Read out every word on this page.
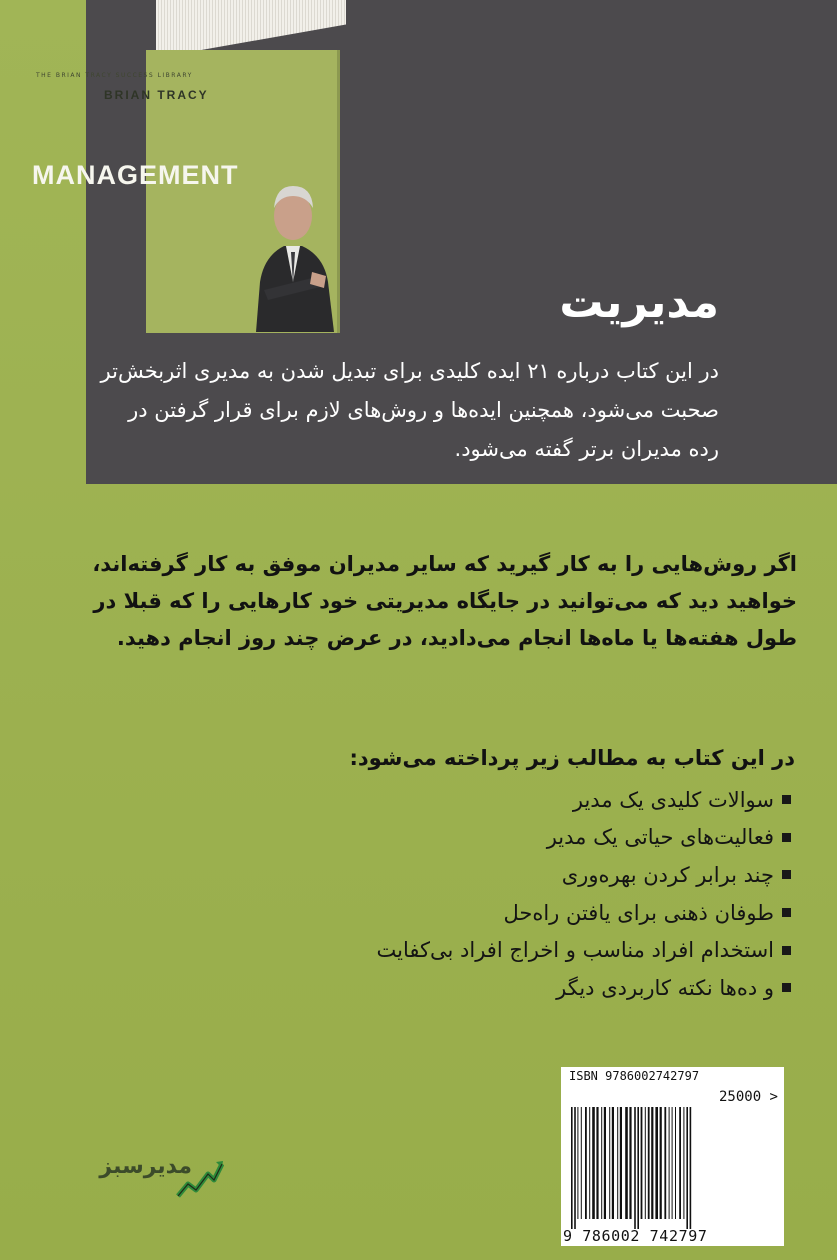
THE BRIAN TRACY SUCCESS LIBRARY
BRIAN TRACY
MANAGEMENT
مدیریت
در این کتاب درباره ۲۱ ایده کلیدی برای تبدیل شدن به مدیری اثربخش‌تر صحبت می‌شود، همچنین ایده‌ها و روش‌های لازم برای قرار گرفتن در رده مدیران برتر گفته می‌شود.
اگر روش‌هایی را به کار گیرید که سایر مدیران موفق به کار گرفته‌اند، خواهید دید که می‌توانید در جایگاه مدیریتی خود کارهایی را که قبلا در طول هفته‌ها یا ماه‌ها انجام می‌دادید، در عرض چند روز انجام دهید.
در این کتاب به مطالب زیر پرداخته می‌شود:
سوالات کلیدی یک مدیر
فعالیت‌های حیاتی یک مدیر
چند برابر کردن بهره‌وری
طوفان ذهنی برای یافتن راه‌حل
استخدام افراد مناسب و اخراج افراد بی‌کفایت
و ده‌ها نکته کاربردی دیگر
ISBN 9786002742797
25000 >
9 786002 742797
مدیرسبز
